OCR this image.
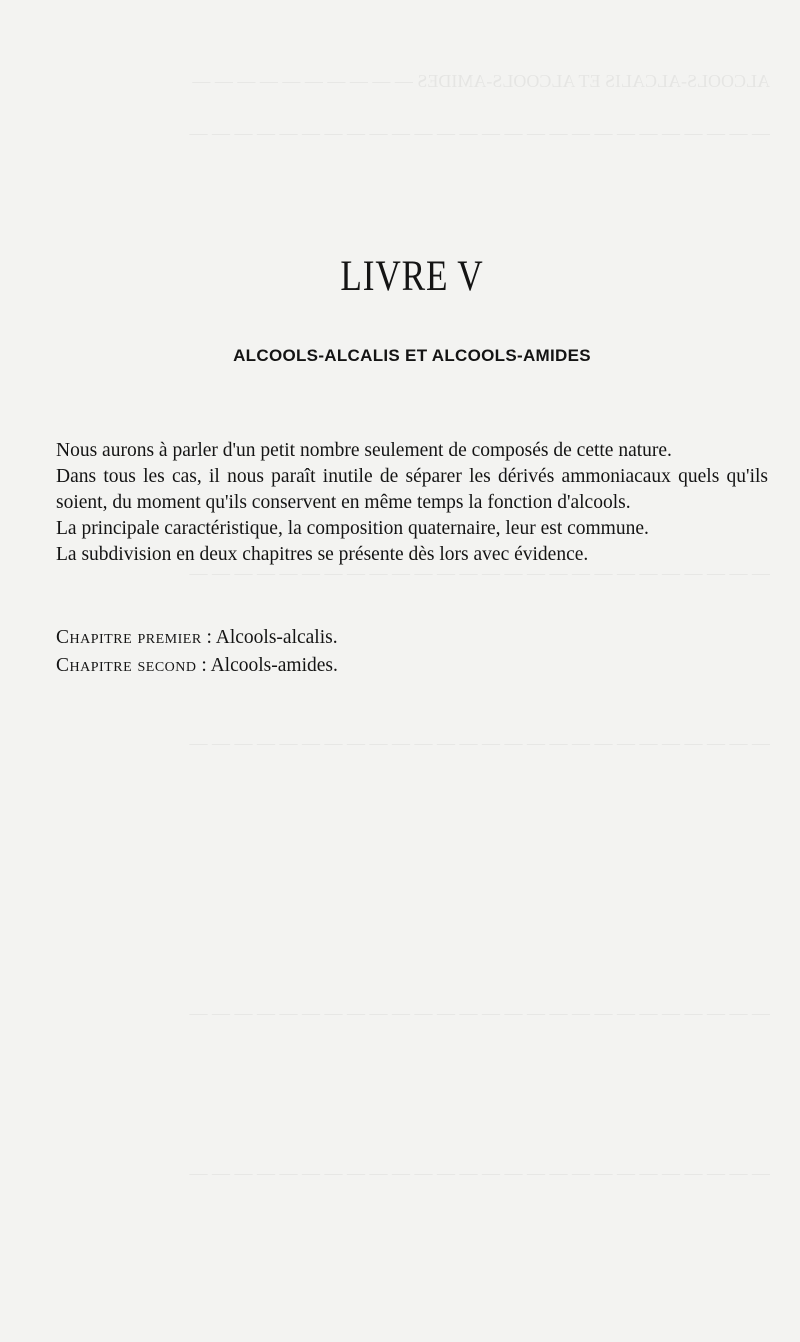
ALCOOLS-ALCALIS ET ALCOOLS-AMIDES — — — — — — — — — —
— — — — — — — — — — — — — — — — — — — — — — — — — —
— — — — — — — — — — — — — — — — — — — — — — — — — —
— — — — — — — — — — — — — — — — — — — — — — — — — —
— — — — — — — — — — — — — — — — — — — — — — — — — —
— — — — — — — — — — — — — — — — — — — — — — — — — —
LIVRE V
ALCOOLS-ALCALIS ET ALCOOLS-AMIDES

Nous aurons à parler d'un petit nombre seulement de composés de cette nature.

Dans tous les cas, il nous paraît inutile de séparer les dérivés ammoniacaux quels qu'ils soient, du moment qu'ils conservent en même temps la fonction d'alcools.

La principale caractéristique, la composition quaternaire, leur est commune.

La subdivision en deux chapitres se présente dès lors avec évidence.

Chapitre premier : Alcools-alcalis.
Chapitre second : Alcools-amides.
